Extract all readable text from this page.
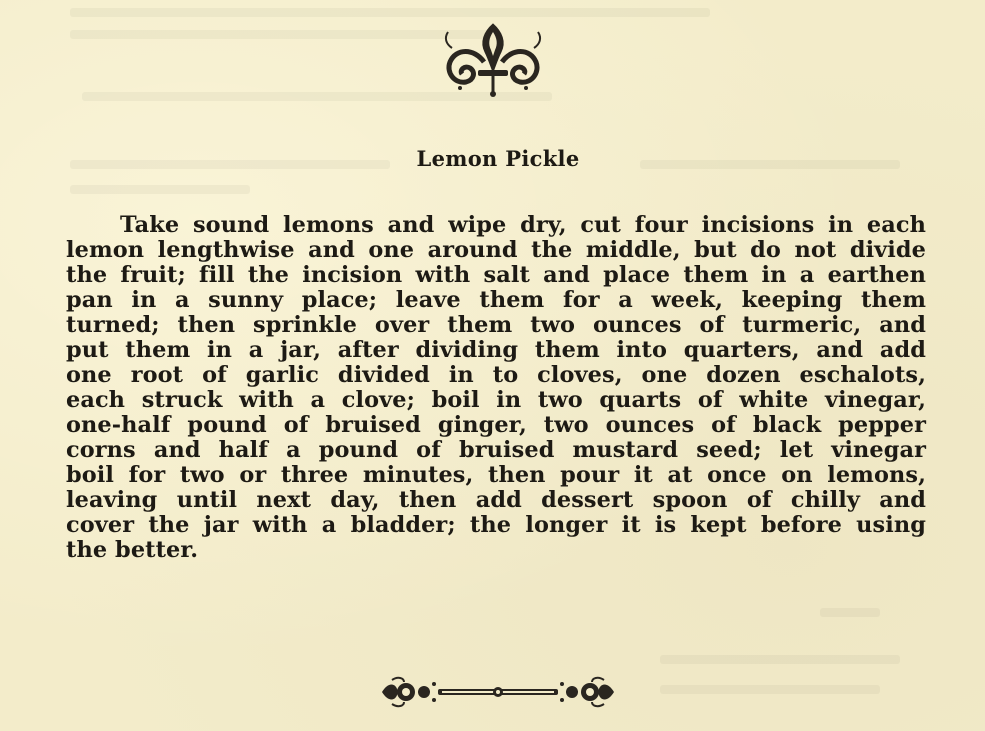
Lemon Pickle
Take sound lemons and wipe dry, cut four incisions in each
lemon lengthwise and one around the middle, but do not divide
the fruit; fill the incision with salt and place them in a earthen
pan in a sunny place; leave them for a week, keeping them
turned; then sprinkle over them two ounces of turmeric, and
put them in a jar, after dividing them into quarters, and add
one root of garlic divided in to cloves, one dozen eschalots,
each struck with a clove; boil in two quarts of white vinegar,
one-half pound of bruised ginger, two ounces of black pepper
corns and half a pound of bruised mustard seed; let vinegar
boil for two or three minutes, then pour it at once on lemons,
leaving until next day, then add dessert spoon of chilly and
cover the jar with a bladder; the longer it is kept before using
the better.
